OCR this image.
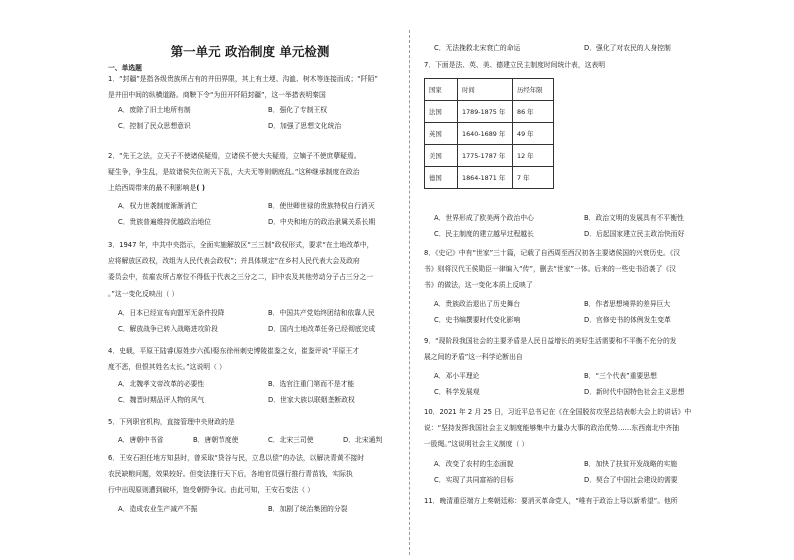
第一单元 政治制度 单元检测
一、单选题

1．“封疆”是指各级贵族所占有的井田界限，其上有土埂、沟洫、树木等连接而成；“阡陌”

是井田中间的纵横道路。商鞅下令“为田开阡陌封疆”，这一举措表明秦国

A．废除了旧土地所有制	B．强化了专制王权
C．控制了民众思想意识	D．加强了思想文化统治

2．“先王之法，立天子不使诸侯疑焉，立诸侯不使大夫疑焉，立嫡子不使庶孽疑焉。

疑生争，争生乱，是故诸侯失位则天下乱，大夫无等则朝庭乱。”这种继承制度在政治

上给西周带来的最不利影响是( )

A．权力世袭制度渐渐消亡	B．使世卿世禄的贵族特权自行消灭
C．贵族普遍维持优越政治地位	D．中央和地方的政治隶属关系长期

3．1947 年，中共中央指示，全面实施解放区“三三制”政权形式，要求“在土地改革中，

应将解放区政权，改组为人民代表会政权”；并具体规定“在乡村人民代表大会及政府

委员会中，贫雇农所占席位不得低于代表之三分之二，旧中农及其他劳动分子占三分之一

。”这一变化反映出（ ）

A．日本已经宣布向盟军无条件投降	B．中国共产党始终团结和依靠人民
C．解放战争已转入战略进攻阶段	D．国内土地改革任务已经彻底完成

4．史载，平原王陆睿(原姓步六孤)娶东徐州刺史博陵崔鉴之女，崔鉴评说“平原王才

度不恶，但恨其姓名太长。”这说明（ ）

A．北魏孝文帝改革的必要性	B．选官注重门第而不是才能
C．魏晋时期品评人物的风气	D．世家大族以联姻垄断政权

5．下列职官机构，直接管理中央财政的是

A．唐朝中书省	B．唐朝节度使	C．北宋三司使	D．北宋通判

6．王安石担任地方知县时，曾采取“贷谷与民，立息以偿”的办法，以解决青黄不接时

农民缺粮问题，效果较好。但变法推行天下后，各地官员强行推行青苗钱，实际执

行中出现原则遭到破坏，饱受朝野争议。由此可知，王安石变法（ ）

A．造成农业生产减产不振	B．加剧了统治集团的分裂
C．无法挽救北宋衰亡的命运	D．强化了对农民的人身控制

7．下面是法、英、美、德建立民主制度时间统计表，这表明

国家	时间	历经年限
法国	1789-1875 年	86 年
英国	1640-1689 年	49 年
美国	1775-1787 年	12 年
德国	1864-1871 年	7 年
A．世界形成了欧美两个政治中心	B．政治文明的发展具有不平衡性
C．民主制度的建立越早过程越长	D．后起国家建立民主政治快而好

8．《史记》中有“世家”三十篇，记载了自西周至西汉初各主要诸侯国的兴衰历史。《汉

书》则将汉代王侯勋臣一律编入“传”，删去“世家”一体。后来的一些史书沿袭了《汉

书》的做法，这一变化本质上反映了

A．贵族政治退出了历史舞台	B．作者思想境界的差异巨大
C．史书编撰要时代变化影响	D．官修史书的体例发生变革

9．“现阶段我国社会的主要矛盾是人民日益增长的美好生活需要和不平衡不充分的发

展之间的矛盾”这一科学论断出自

A．邓小平理论	B．“三个代表”重要思想
C．科学发展观	D．新时代中国特色社会主义思想

10．2021 年 2 月 25 日，习近平总书记在《在全国脱贫攻坚总结表彰大会上的讲话》中

说：“坚持发挥我国社会主义制度能够集中力量办大事的政治优势……东西南北中齐抽

一股绳。”这说明社会主义制度（ ）

A．改变了农村的生态面貌	B．加快了扶贫开发战略的实施
C．实现了共同富裕的目标	D．契合了中国社会建设的需要

11．晚清重臣端方上奏朝廷称：要消灭革命党人，“唯有于政治上导以新希望”。他所
